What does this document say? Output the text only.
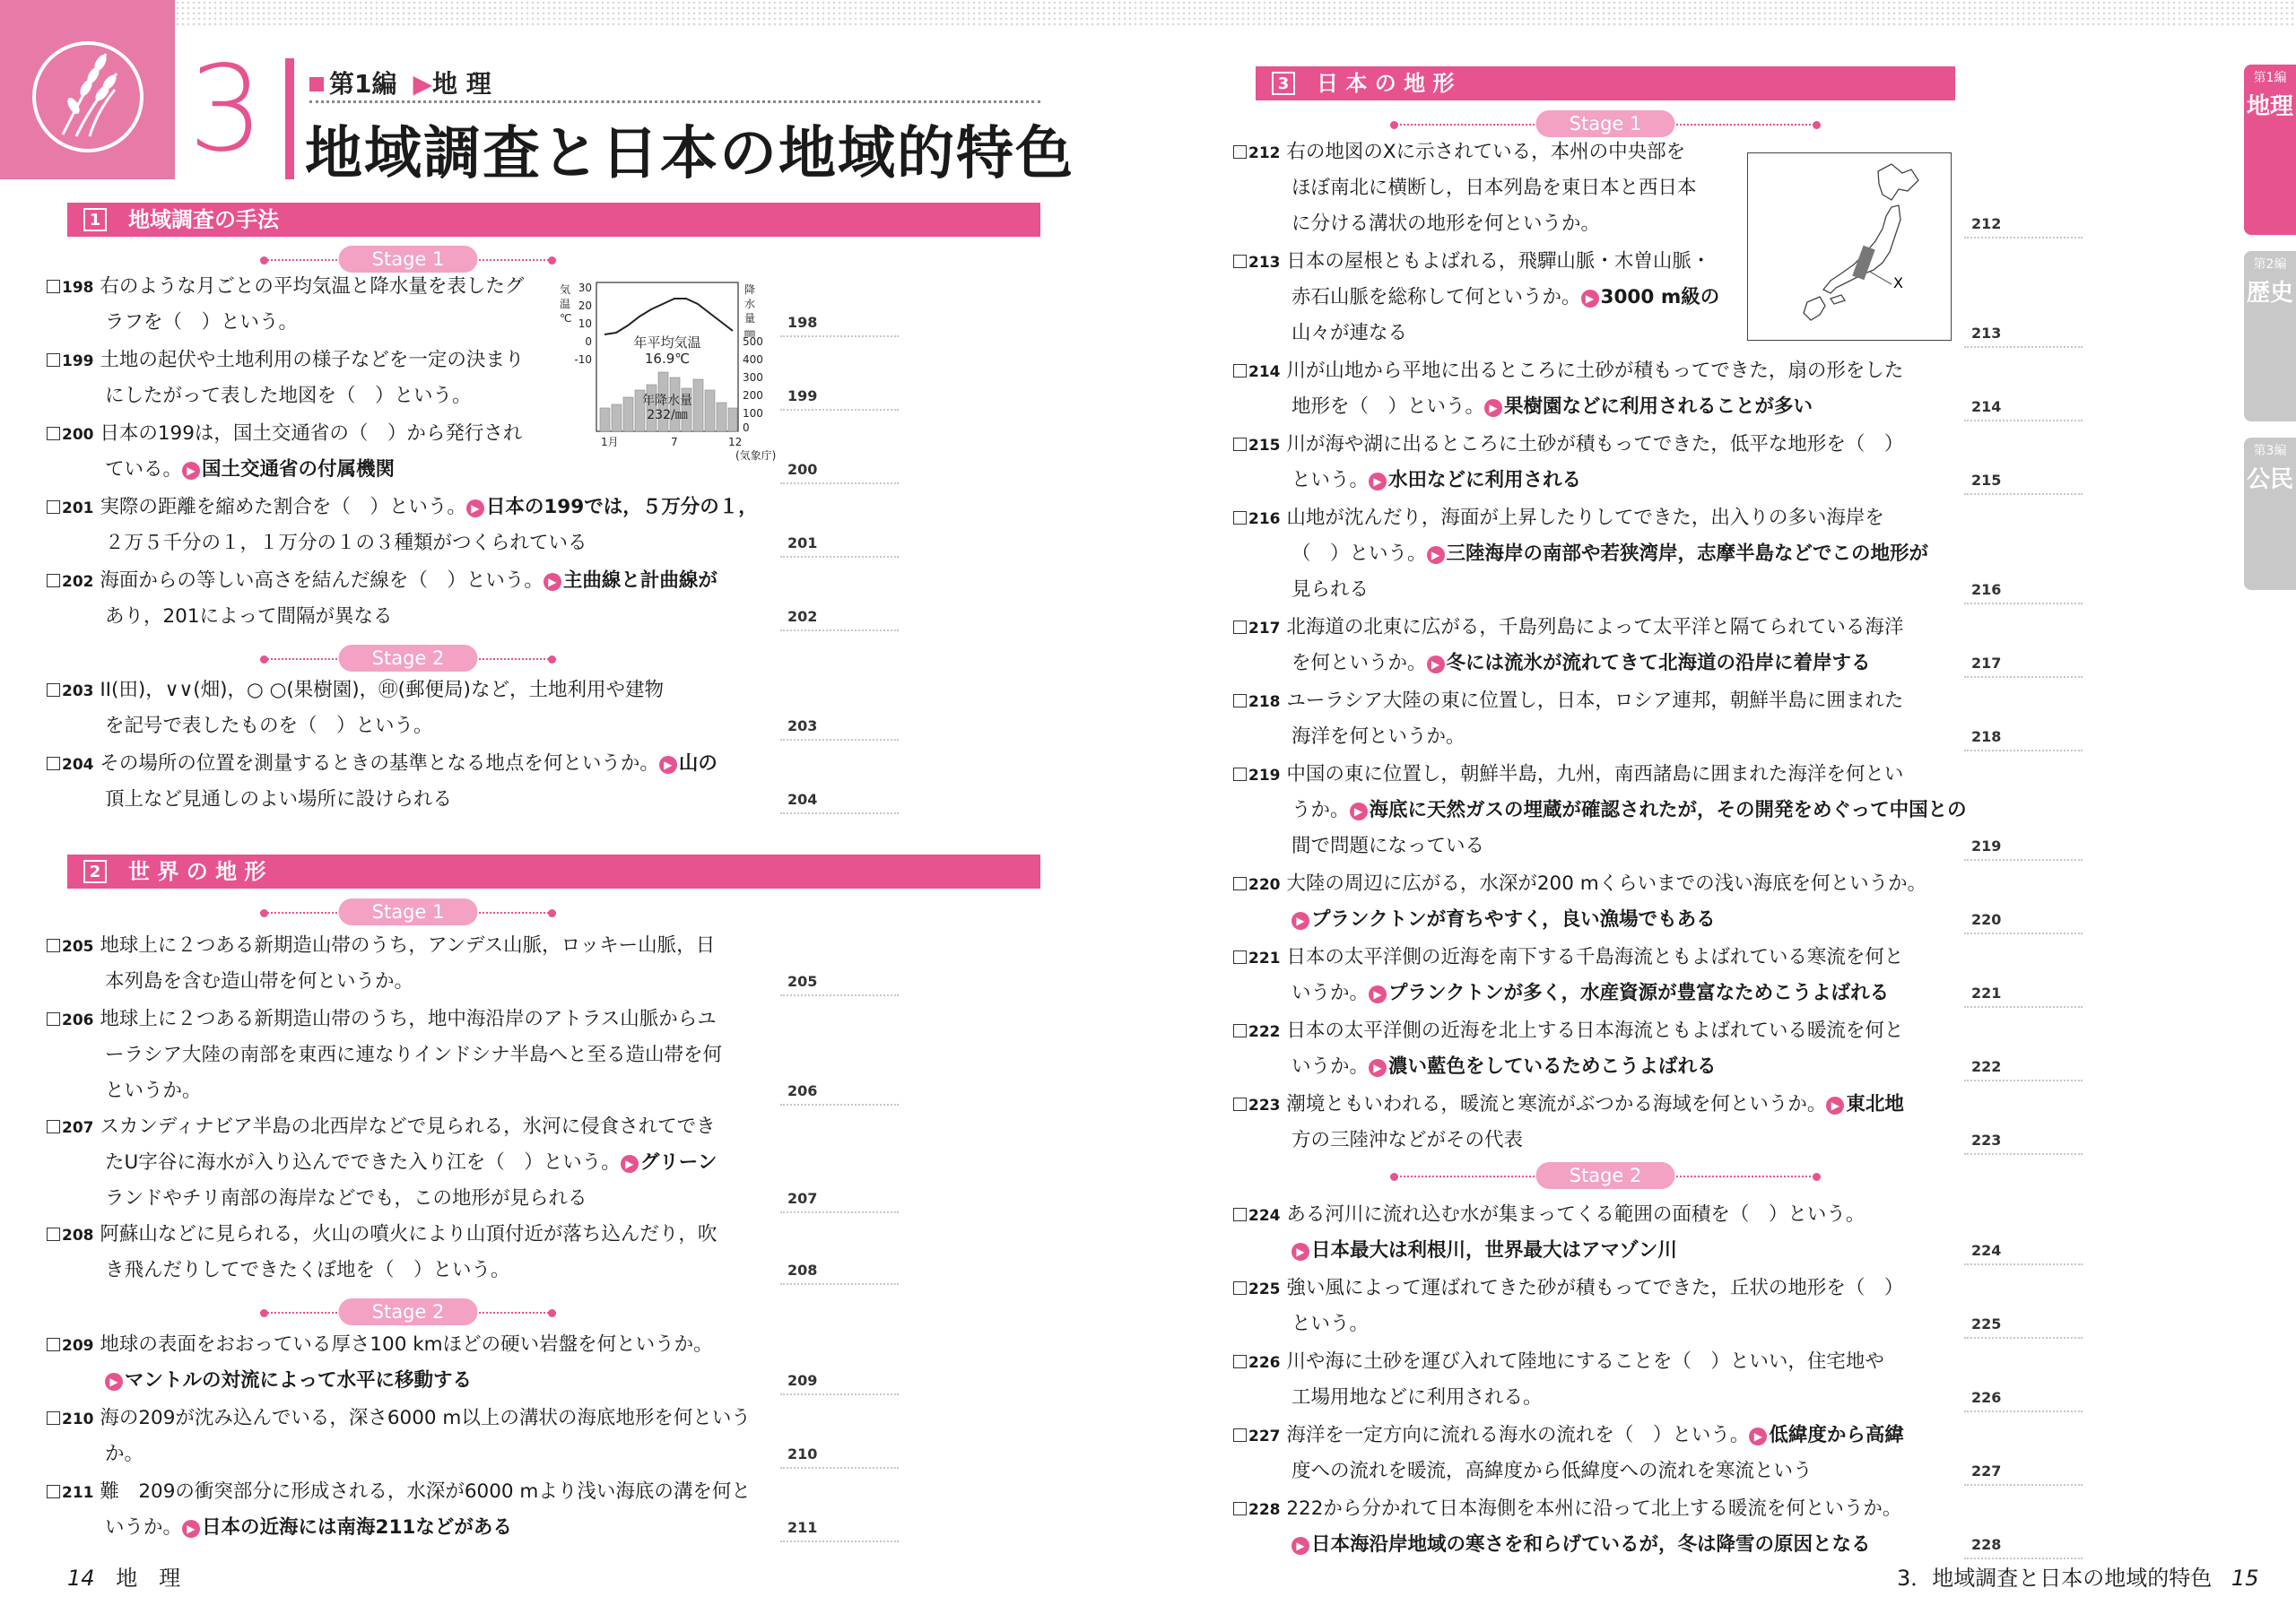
3	第1編 ▶地 理
地域調査と日本の地域的特色
1 地域調査の手法
2 世 界 の 地 形
3 日 本 の 地 形
Stage 1
Stage 2
Stage 1
Stage 2
Stage 1
Stage 2
気
温
℃
降
水
量
㎜
30
20
10
0
-10
500
400
300
200
100
0
年平均気温
16.9℃
年降水量
232/㎜
1月	7	12
(気象庁)
X
第1編
地理
第2編
歴史
第3編
公民
14 地　理	3．地域調査と日本の地域的特色 15
198 右のような月ごとの平均気温と降水量を表したグ
ラフを（　）という。	198
199 土地の起伏や土地利用の様子などを一定の決まり
にしたがって表した地図を（　）という。	199
200 日本の199は，国土交通省の（　）から発行され
ている。 ▶ 国土交通省の付属機関	200
201 実際の距離を縮めた割合を（　）という。 ▶ 日本の199では，５万分の１，
２万５千分の１，１万分の１の３種類がつくられている	201
202 海面からの等しい高さを結んだ線を（　）という。 ▶ 主曲線と計曲線が
あり，201によって間隔が異なる	202
203 ⅠⅠ(田)，∨∨(畑)，○ ○(果樹園)，㊞(郵便局)など，土地利用や建物
を記号で表したものを（　）という。	203
204 その場所の位置を測量するときの基準となる地点を何というか。 ▶ 山の
頂上など見通しのよい場所に設けられる	204
205 地球上に２つある新期造山帯のうち，アンデス山脈，ロッキー山脈，日
本列島を含む造山帯を何というか。	205
206 地球上に２つある新期造山帯のうち，地中海沿岸のアトラス山脈からユ
ーラシア大陸の南部を東西に連なりインドシナ半島へと至る造山帯を何
というか。	206
207 スカンディナビア半島の北西岸などで見られる，氷河に侵食されてでき
たU字谷に海水が入り込んでできた入り江を（　）という。 ▶ グリーン
ランドやチリ南部の海岸などでも，この地形が見られる	207
208 阿蘇山などに見られる，火山の噴火により山頂付近が落ち込んだり，吹
き飛んだりしてできたくぼ地を（　）という。	208
209 地球の表面をおおっている厚さ100 kmほどの硬い岩盤を何というか。
▶ マントルの対流によって水平に移動する	209
210 海の209が沈み込んでいる，深さ6000 m以上の溝状の海底地形を何という
か。	210
211 難　209の衝突部分に形成される，水深が6000 mより浅い海底の溝を何と
いうか。 ▶ 日本の近海には南海211などがある	211
212 右の地図のXに示されている，本州の中央部を
ほぼ南北に横断し，日本列島を東日本と西日本
に分ける溝状の地形を何というか。	212
213 日本の屋根ともよばれる，飛驒山脈・木曽山脈・
赤石山脈を総称して何というか。 ▶ 3000 m級の
山々が連なる	213
214 川が山地から平地に出るところに土砂が積もってできた，扇の形をした
地形を（　）という。 ▶ 果樹園などに利用されることが多い	214
215 川が海や湖に出るところに土砂が積もってできた，低平な地形を（　）
という。 ▶ 水田などに利用される	215
216 山地が沈んだり，海面が上昇したりしてできた，出入りの多い海岸を
（　）という。 ▶ 三陸海岸の南部や若狭湾岸，志摩半島などでこの地形が
見られる	216
217 北海道の北東に広がる，千島列島によって太平洋と隔てられている海洋
を何というか。 ▶ 冬には流氷が流れてきて北海道の沿岸に着岸する	217
218 ユーラシア大陸の東に位置し，日本，ロシア連邦，朝鮮半島に囲まれた
海洋を何というか。	218
219 中国の東に位置し，朝鮮半島，九州，南西諸島に囲まれた海洋を何とい
うか。 ▶ 海底に天然ガスの埋蔵が確認されたが，その開発をめぐって中国との
間で問題になっている	219
220 大陸の周辺に広がる，水深が200 mくらいまでの浅い海底を何というか。
▶ プランクトンが育ちやすく，良い漁場でもある	220
221 日本の太平洋側の近海を南下する千島海流ともよばれている寒流を何と
いうか。 ▶ プランクトンが多く，水産資源が豊富なためこうよばれる	221
222 日本の太平洋側の近海を北上する日本海流ともよばれている暖流を何と
いうか。 ▶ 濃い藍色をしているためこうよばれる	222
223 潮境ともいわれる，暖流と寒流がぶつかる海域を何というか。 ▶ 東北地
方の三陸沖などがその代表	223
224 ある河川に流れ込む水が集まってくる範囲の面積を（　）という。
▶ 日本最大は利根川，世界最大はアマゾン川	224
225 強い風によって運ばれてきた砂が積もってできた，丘状の地形を（　）
という。	225
226 川や海に土砂を運び入れて陸地にすることを（　）といい，住宅地や
工場用地などに利用される。	226
227 海洋を一定方向に流れる海水の流れを（　）という。 ▶ 低緯度から高緯
度への流れを暖流，高緯度から低緯度への流れを寒流という	227
228 222から分かれて日本海側を本州に沿って北上する暖流を何というか。
▶ 日本海沿岸地域の寒さを和らげているが，冬は降雪の原因となる	228
